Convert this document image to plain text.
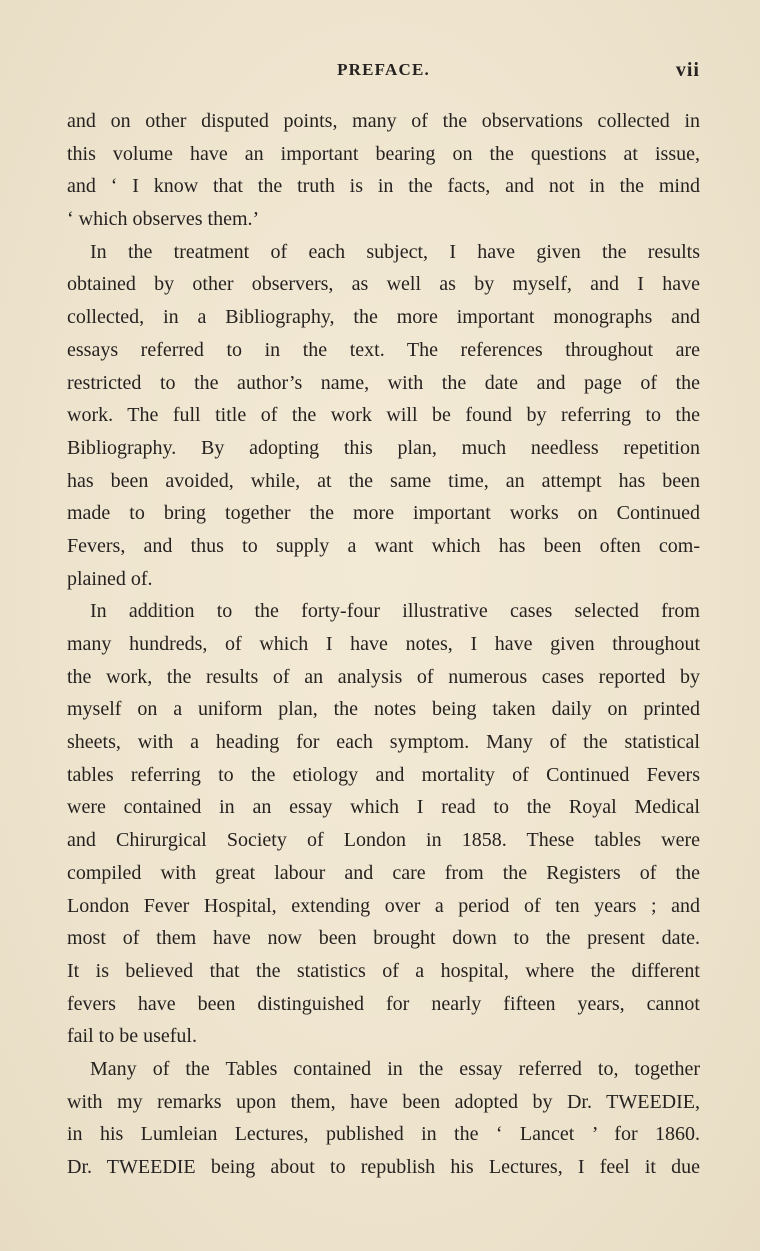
PREFACE.	vii
and on other disputed points, many of the observations collected in
this volume have an important bearing on the questions at issue,
and ‘ I know that the truth is in the facts, and not in the mind
‘ which observes them.’
In the treatment of each subject, I have given the results
obtained by other observers, as well as by myself, and I have
collected, in a Bibliography, the more important monographs and
essays referred to in the text. The references throughout are
restricted to the author’s name, with the date and page of the
work. The full title of the work will be found by referring to the
Bibliography. By adopting this plan, much needless repetition
has been avoided, while, at the same time, an attempt has been
made to bring together the more important works on Continued
Fevers, and thus to supply a want which has been often com-
plained of.
In addition to the forty-four illustrative cases selected from
many hundreds, of which I have notes, I have given throughout
the work, the results of an analysis of numerous cases reported by
myself on a uniform plan, the notes being taken daily on printed
sheets, with a heading for each symptom. Many of the statistical
tables referring to the etiology and mortality of Continued Fevers
were contained in an essay which I read to the Royal Medical
and Chirurgical Society of London in 1858. These tables were
compiled with great labour and care from the Registers of the
London Fever Hospital, extending over a period of ten years ; and
most of them have now been brought down to the present date.
It is believed that the statistics of a hospital, where the different
fevers have been distinguished for nearly fifteen years, cannot
fail to be useful.
Many of the Tables contained in the essay referred to, together
with my remarks upon them, have been adopted by Dr. TWEEDIE,
in his Lumleian Lectures, published in the ‘ Lancet ’ for 1860.
Dr. TWEEDIE being about to republish his Lectures, I feel it due
